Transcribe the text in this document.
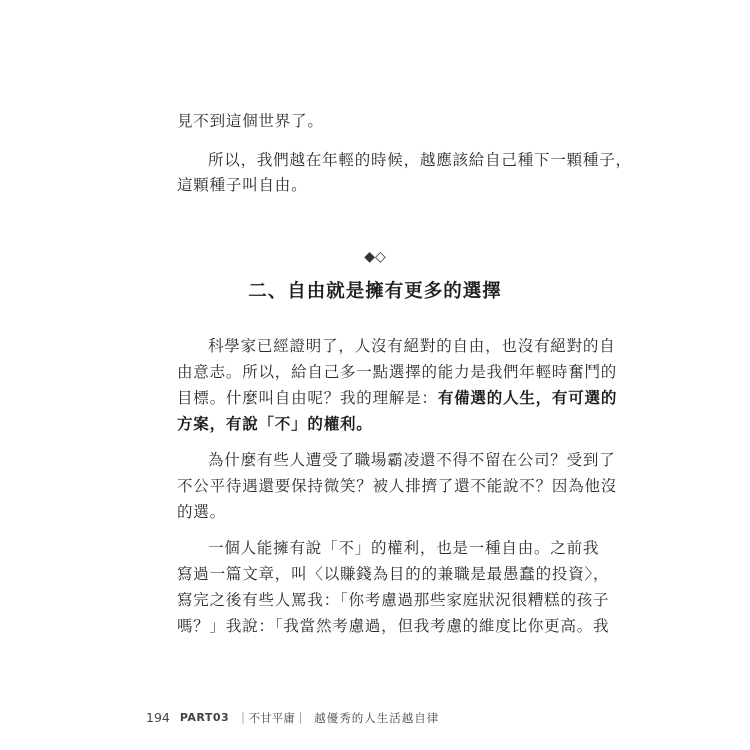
見不到這個世界了。
所以，我們越在年輕的時候，越應該給自己種下一顆種子，
這顆種子叫自由。
◆◇
二、自由就是擁有更多的選擇
科學家已經證明了，人沒有絕對的自由，也沒有絕對的自
由意志。所以，給自己多一點選擇的能力是我們年輕時奮鬥的
目標。什麼叫自由呢？我的理解是：有備選的人生，有可選的
方案，有說「不」的權利。
為什麼有些人遭受了職場霸凌還不得不留在公司？受到了
不公平待遇還要保持微笑？被人排擠了還不能說不？因為他沒
的選。
一個人能擁有說「不」的權利，也是一種自由。之前我
寫過一篇文章，叫〈以賺錢為目的的兼職是最愚蠢的投資〉，
寫完之後有些人罵我：「你考慮過那些家庭狀況很糟糕的孩子
嗎？」我說：「我當然考慮過，但我考慮的維度比你更高。我
194 PART03 ｜不甘平庸｜ 越優秀的人生活越自律
